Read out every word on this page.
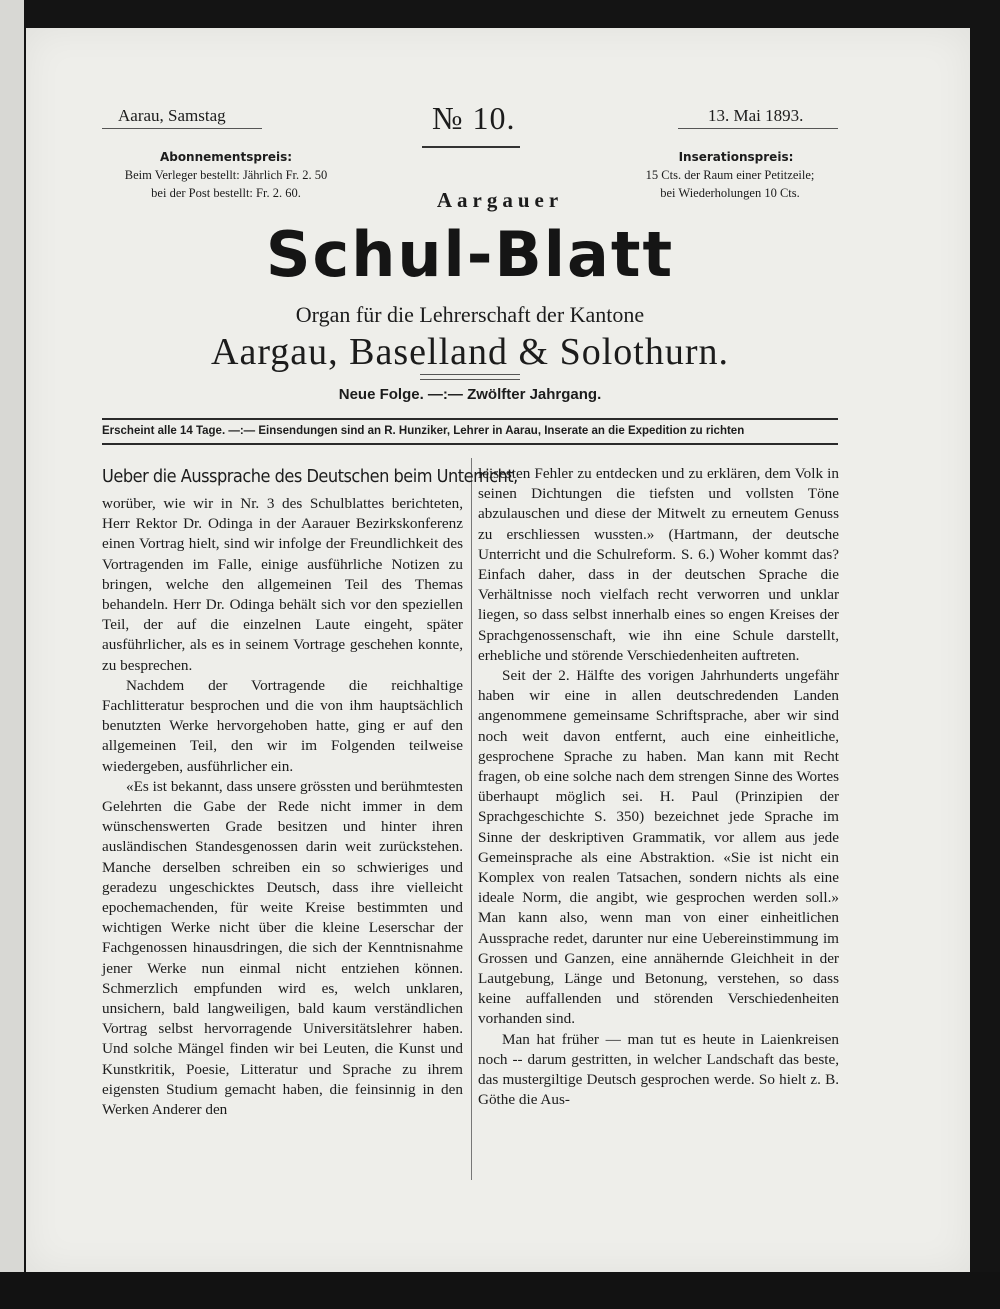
Aarau, Samstag	№ 10.	13. Mai 1893.
Abonnementspreis:
Beim Verleger bestellt: Jährlich Fr. 2. 50
bei der Post bestellt: Fr. 2. 60.
Inserationspreis:
15 Cts. der Raum einer Petitzeile;
bei Wiederholungen 10 Cts.
Aargauer
Schul-Blatt
Organ für die Lehrerschaft der Kantone
Aargau, Baselland & Solothurn.
Neue Folge. —:— Zwölfter Jahrgang.
Erscheint alle 14 Tage. —:— Einsendungen sind an R. Hunziker, Lehrer in Aarau, Inserate an die Expedition zu richten
Ueber die Aussprache des Deutschen beim Unterricht,

worüber, wie wir in Nr. 3 des Schulblattes berichteten, Herr Rektor Dr. Odinga in der Aarauer Bezirkskonferenz einen Vortrag hielt, sind wir infolge der Freundlichkeit des Vortragenden im Falle, einige ausführliche Notizen zu bringen, welche den allgemeinen Teil des Themas behandeln. Herr Dr. Odinga behält sich vor den speziellen Teil, der auf die einzelnen Laute eingeht, später ausführlicher, als es in seinem Vortrage geschehen konnte, zu besprechen.

Nachdem der Vortragende die reichhaltige Fachlitteratur besprochen und die von ihm hauptsächlich benutzten Werke hervorgehoben hatte, ging er auf den allgemeinen Teil, den wir im Folgenden teilweise wiedergeben, ausführlicher ein.

«Es ist bekannt, dass unsere grössten und berühmtesten Gelehrten die Gabe der Rede nicht immer in dem wünschenswerten Grade besitzen und hinter ihren ausländischen Standesgenossen darin weit zurückstehen. Manche derselben schreiben ein so schwieriges und geradezu ungeschicktes Deutsch, dass ihre vielleicht epochemachenden, für weite Kreise bestimmten und wichtigen Werke nicht über die kleine Leserschar der Fachgenossen hinausdringen, die sich der Kenntnisnahme jener Werke nun einmal nicht entziehen können. Schmerzlich empfunden wird es, welch unklaren, unsichern, bald langweiligen, bald kaum verständlichen Vortrag selbst hervorragende Universitätslehrer haben. Und solche Mängel finden wir bei Leuten, die Kunst und Kunstkritik, Poesie, Litteratur und Sprache zu ihrem eigensten Studium gemacht haben, die feinsinnig in den Werken Anderer den

leisesten Fehler zu entdecken und zu erklären, dem Volk in seinen Dichtungen die tiefsten und vollsten Töne abzulauschen und diese der Mitwelt zu erneutem Genuss zu erschliessen wussten.» (Hartmann, der deutsche Unterricht und die Schulreform. S. 6.) Woher kommt das? Einfach daher, dass in der deutschen Sprache die Verhältnisse noch vielfach recht verworren und unklar liegen, so dass selbst innerhalb eines so engen Kreises der Sprachgenossenschaft, wie ihn eine Schule darstellt, erhebliche und störende Verschiedenheiten auftreten.

Seit der 2. Hälfte des vorigen Jahrhunderts ungefähr haben wir eine in allen deutschredenden Landen angenommene gemeinsame Schriftsprache, aber wir sind noch weit davon entfernt, auch eine einheitliche, gesprochene Sprache zu haben. Man kann mit Recht fragen, ob eine solche nach dem strengen Sinne des Wortes überhaupt möglich sei. H. Paul (Prinzipien der Sprachgeschichte S. 350) bezeichnet jede Sprache im Sinne der deskriptiven Grammatik, vor allem aus jede Gemeinsprache als eine Abstraktion. «Sie ist nicht ein Komplex von realen Tatsachen, sondern nichts als eine ideale Norm, die angibt, wie gesprochen werden soll.» Man kann also, wenn man von einer einheitlichen Aussprache redet, darunter nur eine Uebereinstimmung im Grossen und Ganzen, eine annähernde Gleichheit in der Lautgebung, Länge und Betonung, verstehen, so dass keine auffallenden und störenden Verschiedenheiten vorhanden sind.

Man hat früher — man tut es heute in Laienkreisen noch -- darum gestritten, in welcher Landschaft das beste, das mustergiltige Deutsch gesprochen werde. So hielt z. B. Göthe die Aus-
